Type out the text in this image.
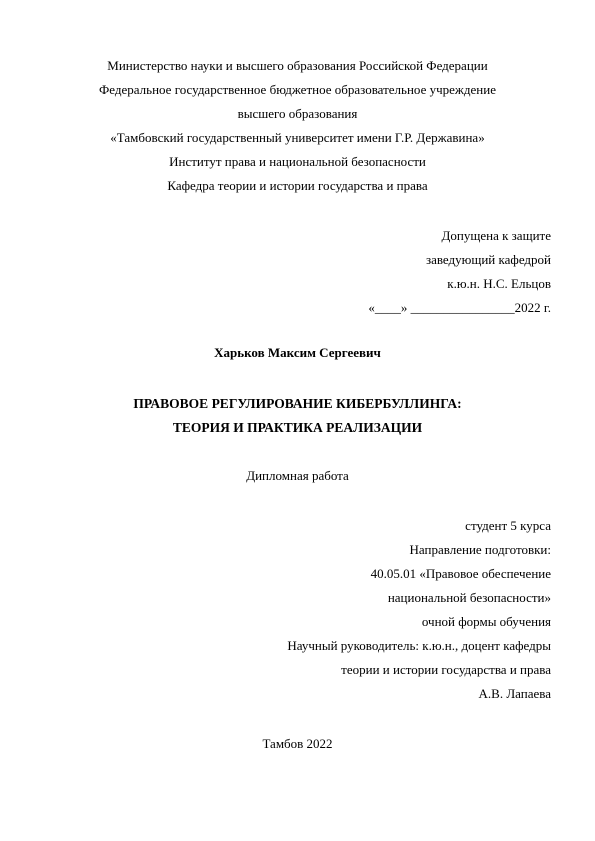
Министерство науки и высшего образования Российской Федерации
Федеральное государственное бюджетное образовательное учреждение
высшего образования
«Тамбовский государственный университет имени Г.Р. Державина»
Институт права и национальной безопасности
Кафедра теории и истории государства и права
Допущена к защите
заведующий кафедрой
к.ю.н. Н.С. Ельцов
«____» ________________2022 г.
Харьков Максим Сергеевич
ПРАВОВОЕ РЕГУЛИРОВАНИЕ КИБЕРБУЛЛИНГА:
ТЕОРИЯ И ПРАКТИКА РЕАЛИЗАЦИИ
Дипломная работа
студент 5 курса
Направление подготовки:
40.05.01 «Правовое обеспечение
национальной безопасности»
очной формы обучения
Научный руководитель: к.ю.н., доцент кафедры
теории и истории государства и права
А.В. Лапаева
Тамбов 2022
